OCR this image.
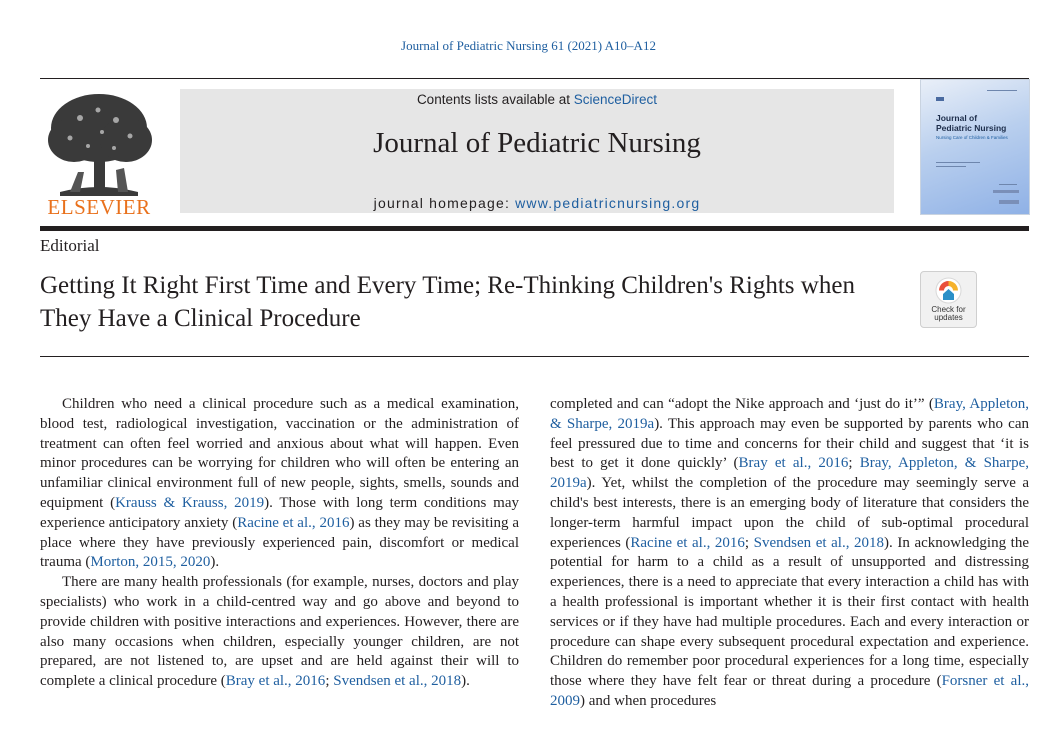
Journal of Pediatric Nursing 61 (2021) A10–A12
ELSEVIER
Contents lists available at ScienceDirect
Journal of Pediatric Nursing
journal homepage: www.pediatricnursing.org
Journal of
Pediatric Nursing
Nursing Care of Children & Families
Editorial
Getting It Right First Time and Every Time; Re-Thinking Children's Rights when They Have a Clinical Procedure	Check for
updates

Children who need a clinical procedure such as a medical examination, blood test, radiological investigation, vaccination or the administration of treatment can often feel worried and anxious about what will happen. Even minor procedures can be worrying for children who will often be entering an unfamiliar clinical environment full of new people, sights, smells, sounds and equipment (Krauss & Krauss, 2019). Those with long term conditions may experience anticipatory anxiety (Racine et al., 2016) as they may be revisiting a place where they have previously experienced pain, discomfort or medical trauma (Morton, 2015, 2020).

There are many health professionals (for example, nurses, doctors and play specialists) who work in a child-centred way and go above and beyond to provide children with positive interactions and experiences. However, there are also many occasions when children, especially younger children, are not prepared, are not listened to, are upset and are held against their will to complete a clinical procedure (Bray et al., 2016; Svendsen et al., 2018).

completed and can “adopt the Nike approach and ‘just do it’” (Bray, Appleton, & Sharpe, 2019a). This approach may even be supported by parents who can feel pressured due to time and concerns for their child and suggest that ‘it is best to get it done quickly’ (Bray et al., 2016; Bray, Appleton, & Sharpe, 2019a). Yet, whilst the completion of the procedure may seemingly serve a child's best interests, there is an emerging body of literature that considers the longer-term harmful impact upon the child of sub-optimal procedural experiences (Racine et al., 2016; Svendsen et al., 2018). In acknowledging the potential for harm to a child as a result of unsupported and distressing experiences, there is a need to appreciate that every interaction a child has with a health professional is important whether it is their first contact with health services or if they have had multiple procedures. Each and every interaction or procedure can shape every subsequent procedural expectation and experience. Children do remember poor procedural experiences for a long time, especially those where they have felt fear or threat during a procedure (Forsner et al., 2009) and when procedures
